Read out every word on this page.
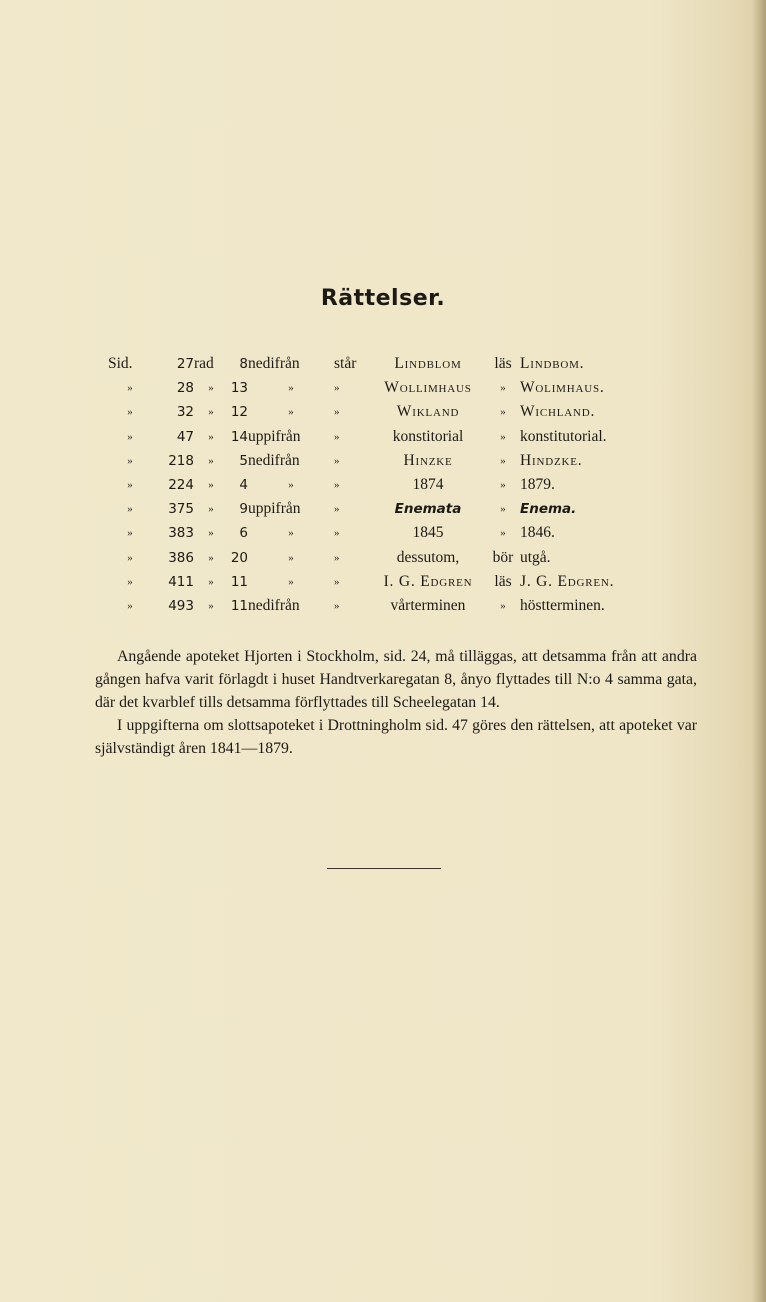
Rättelser.
Sid.	27	rad	8	nedifrån	står	Lindblom	läs	Lindbom.
»	28	»	13	»	»	Wollimhaus	»	Wolimhaus.
»	32	»	12	»	»	Wikland	»	Wichland.
»	47	»	14	uppifrån	»	konstitorial	»	konstitutorial.
»	218	»	5	nedifrån	»	Hinzke	»	Hindzke.
»	224	»	4	»	»	1874	»	1879.
»	375	»	9	uppifrån	»	Enemata	»	Enema.
»	383	»	6	»	»	1845	»	1846.
»	386	»	20	»	»	dessutom,	bör	utgå.
»	411	»	11	»	»	I. G. Edgren	läs	J. G. Edgren.
»	493	»	11	nedifrån	»	vårterminen	»	höstterminen.

Angående apoteket Hjorten i Stockholm, sid. 24, må tilläggas, att detsamma från att andra gången hafva varit förlagdt i huset Handtverkaregatan 8, ånyo flyttades till N:o 4 samma gata, där det kvarblef tills detsamma förflyttades till Scheelegatan 14.

I uppgifterna om slottsapoteket i Drottningholm sid. 47 göres den rättelsen, att apoteket var självständigt åren 1841—1879.
